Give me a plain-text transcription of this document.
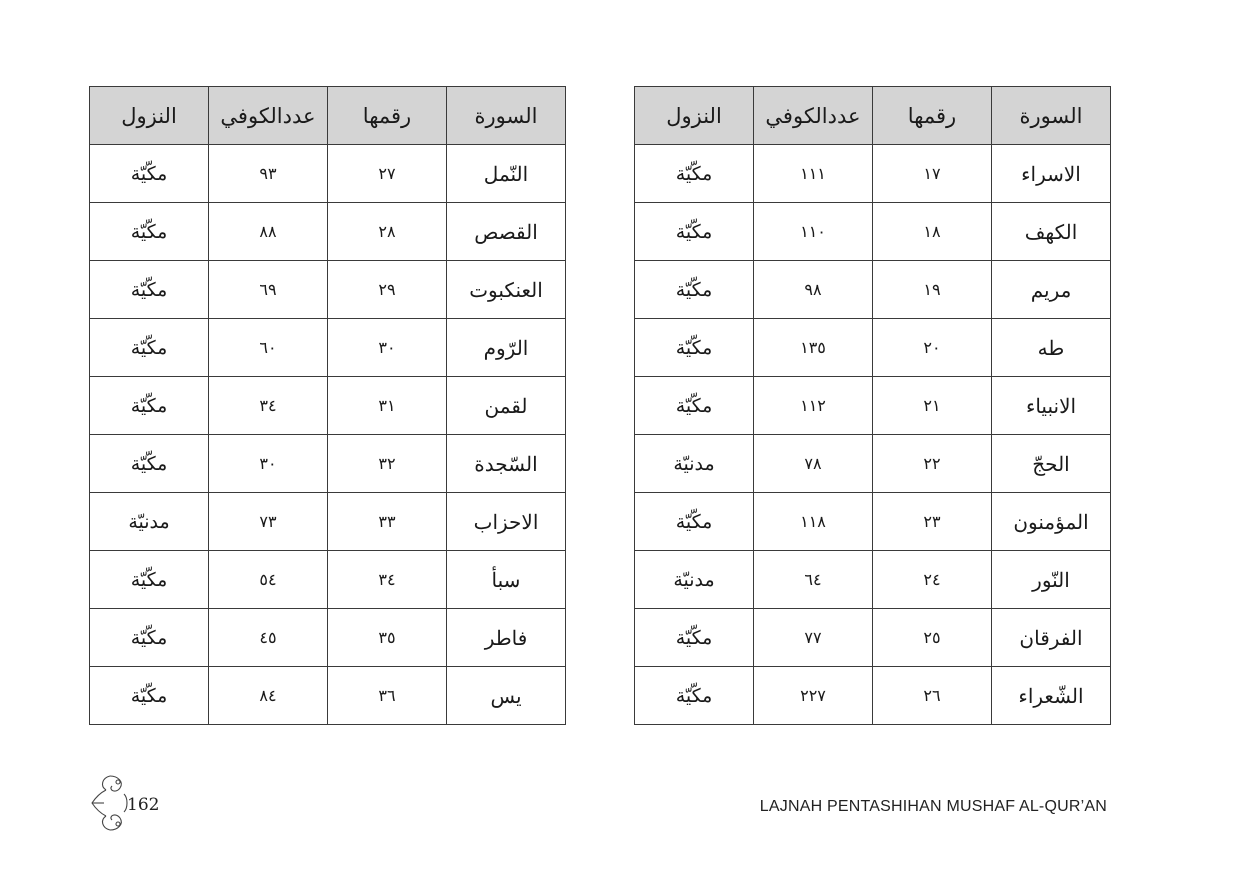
السورة	رقمها	عددالكوفي	النزول
الاسراء	١٧	١١١	مكّيّة
الكهف	١٨	١١٠	مكّيّة
مريم	١٩	٩٨	مكّيّة
طه	٢٠	١٣٥	مكّيّة
الانبياء	٢١	١١٢	مكّيّة
الحجّ	٢٢	٧٨	مدنيّة
المؤمنون	٢٣	١١٨	مكّيّة
النّور	٢٤	٦٤	مدنيّة
الفرقان	٢٥	٧٧	مكّيّة
الشّعراء	٢٦	٢٢٧	مكّيّة
السورة	رقمها	عددالكوفي	النزول
النّمل	٢٧	٩٣	مكّيّة
القصص	٢٨	٨٨	مكّيّة
العنكبوت	٢٩	٦٩	مكّيّة
الرّوم	٣٠	٦٠	مكّيّة
لقمن	٣١	٣٤	مكّيّة
السّجدة	٣٢	٣٠	مكّيّة
الاحزاب	٣٣	٧٣	مدنيّة
سبأ	٣٤	٥٤	مكّيّة
فاطر	٣٥	٤٥	مكّيّة
يس	٣٦	٨٤	مكّيّة
162	LAJNAH PENTASHIHAN MUSHAF AL-QUR’AN
